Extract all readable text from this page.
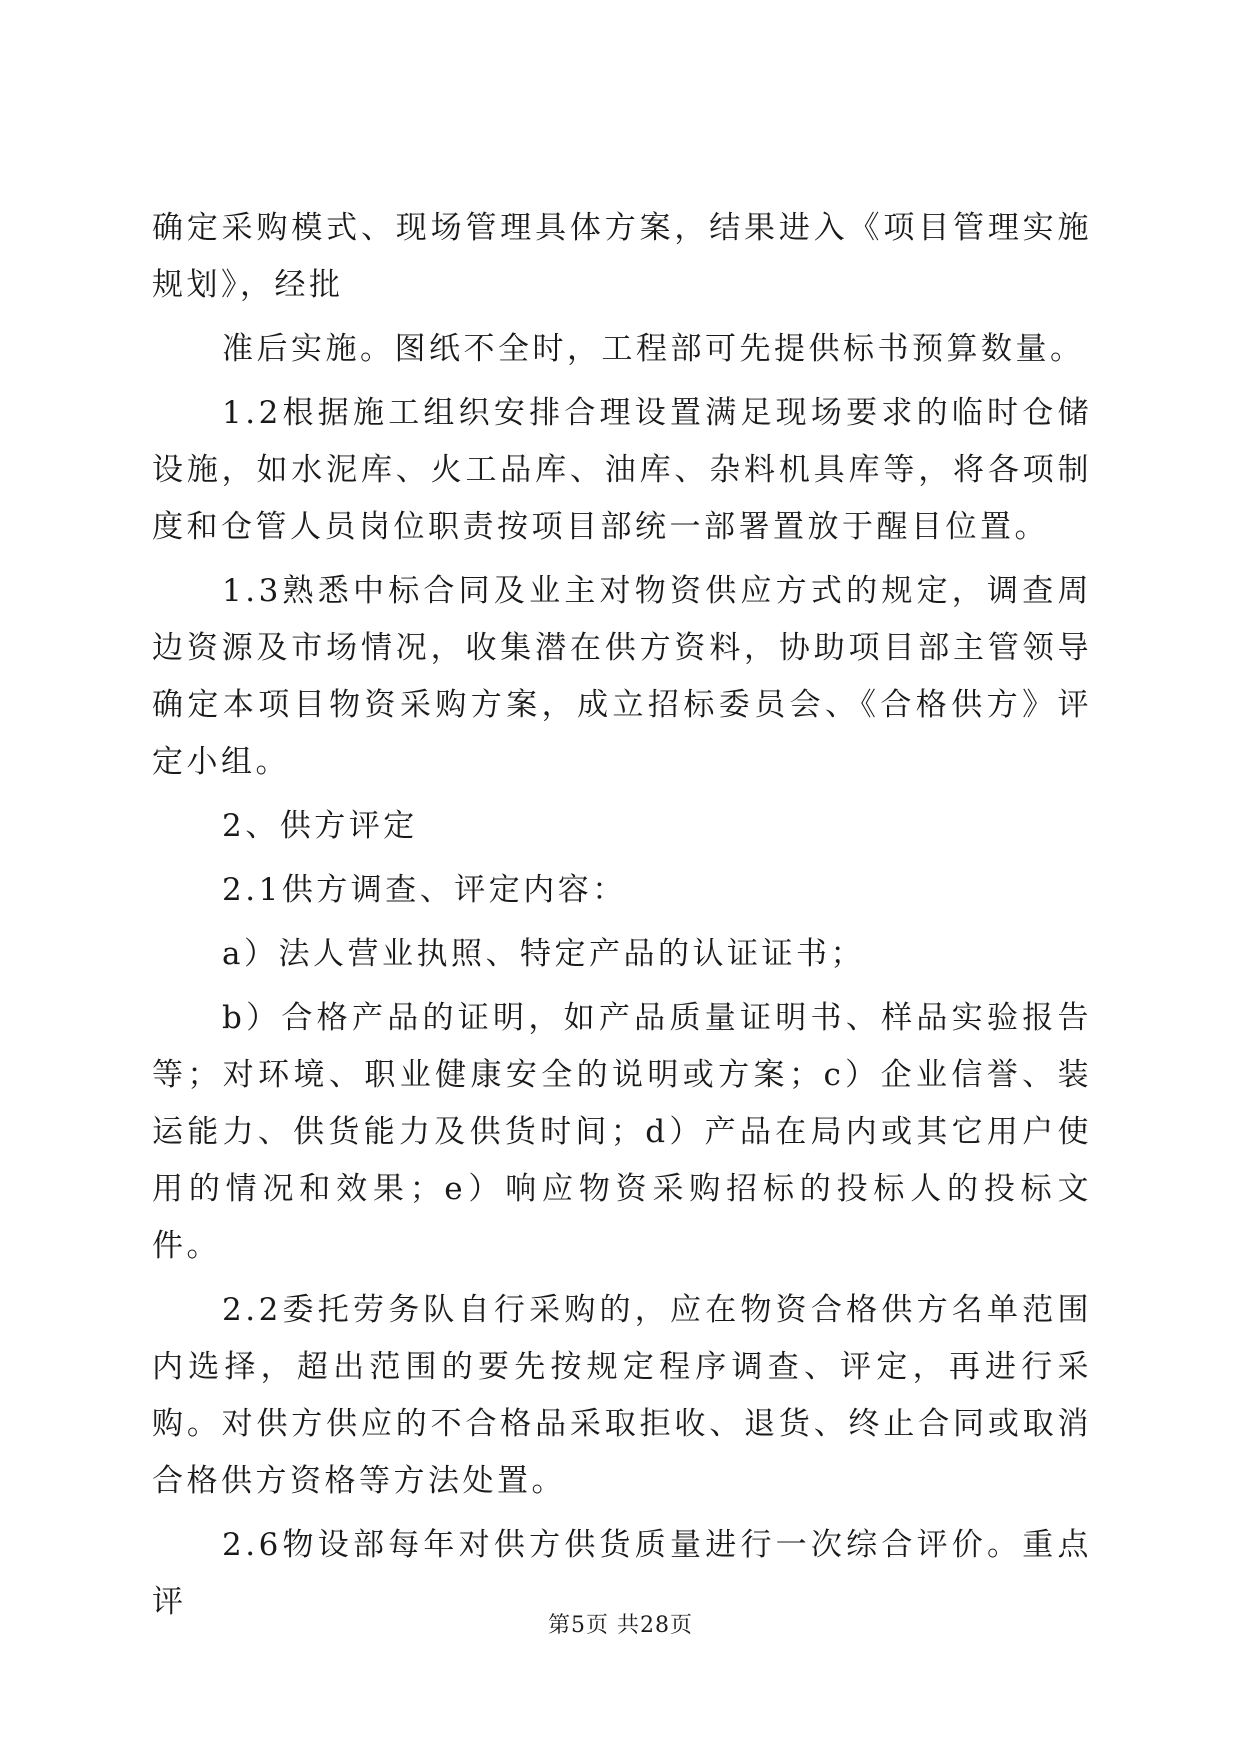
确定采购模式、现场管理具体方案，结果进入《项目管理实施规划》，经批

准后实施。图纸不全时，工程部可先提供标书预算数量。

1.2根据施工组织安排合理设置满足现场要求的临时仓储设施，如水泥库、火工品库、油库、杂料机具库等，将各项制度和仓管人员岗位职责按项目部统一部署置放于醒目位置。

1.3熟悉中标合同及业主对物资供应方式的规定，调查周边资源及市场情况，收集潜在供方资料，协助项目部主管领导确定本项目物资采购方案，成立招标委员会、《合格供方》评定小组。

2、供方评定

2.1供方调查、评定内容：

a）法人营业执照、特定产品的认证证书；

b）合格产品的证明，如产品质量证明书、样品实验报告等；对环境、职业健康安全的说明或方案；c）企业信誉、装运能力、供货能力及供货时间；d）产品在局内或其它用户使用的情况和效果；e）响应物资采购招标的投标人的投标文件。

2.2委托劳务队自行采购的，应在物资合格供方名单范围内选择，超出范围的要先按规定程序调查、评定，再进行采购。对供方供应的不合格品采取拒收、退货、终止合同或取消合格供方资格等方法处置。

2.6物设部每年对供方供货质量进行一次综合评价。重点评

第5页 共28页
